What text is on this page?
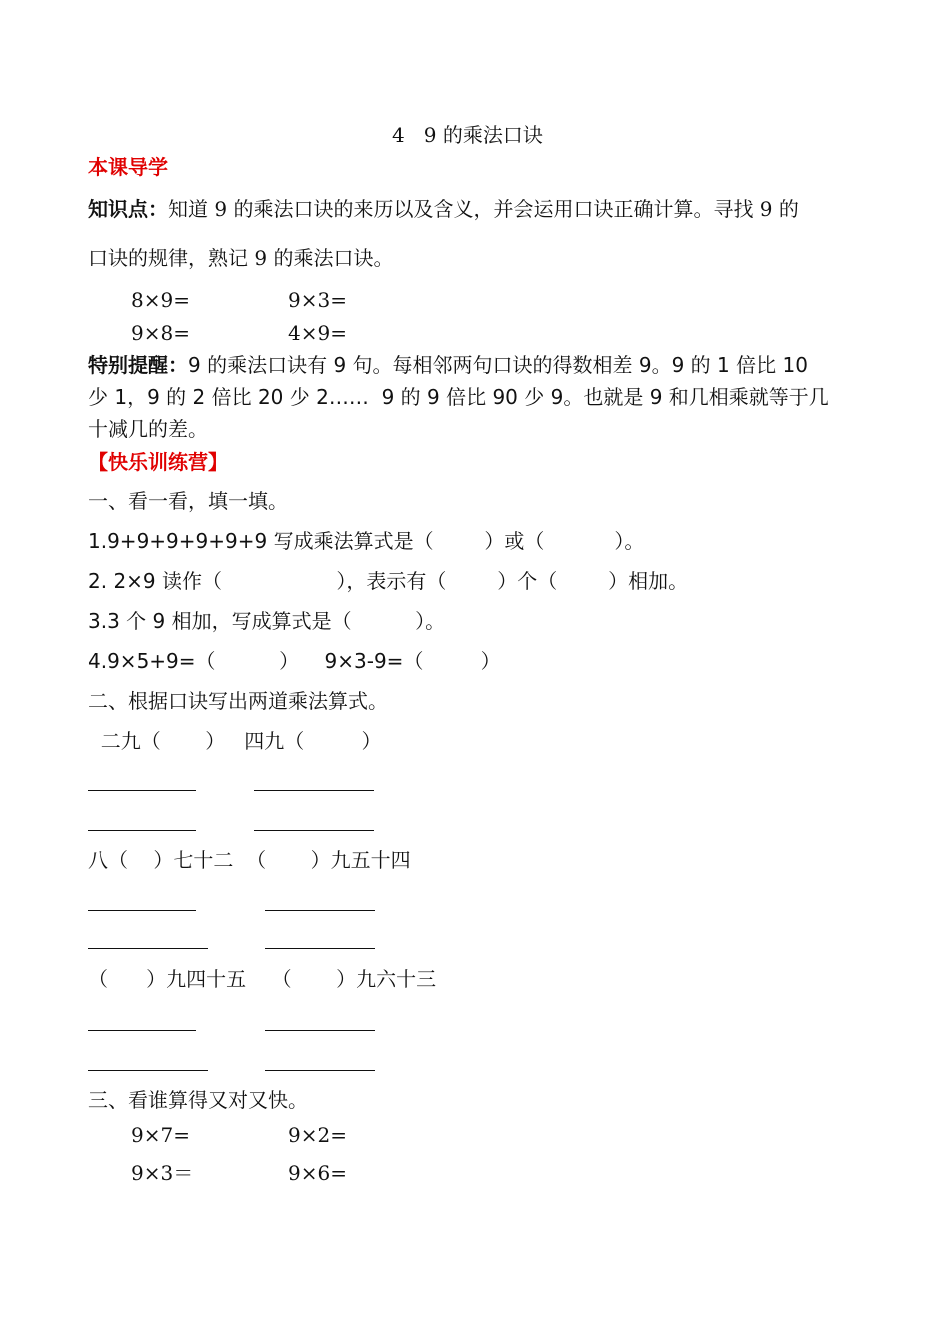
4   9 的乘法口诀
本课导学
知识点：知道 9 的乘法口诀的来历以及含义，并会运用口诀正确计算。寻找 9 的
口诀的规律，熟记 9 的乘法口诀。
8×9=	9×3=
9×8=	4×9=
特别提醒：9 的乘法口诀有 9 句。每相邻两句口诀的得数相差 9。9 的 1 倍比 10
少 1，9 的 2 倍比 20 少 2……  9 的 9 倍比 90 少 9。也就是 9 和几相乘就等于几
十减几的差。
【快乐训练营】
一、看一看，填一填。
1.9+9+9+9+9+9 写成乘法算式是（        ）或（           ）。
2. 2×9 读作（                  ），表示有（        ）个（        ）相加。
3.3 个 9 相加，写成算式是（          ）。
4.9×5+9=（          ）    9×3-9=（         ）
二、根据口诀写出两道乘法算式。
二九（       ）   四九（         ）
八（    ）七十二  （       ）九五十四
（      ）九四十五    （       ）九六十三
三、看谁算得又对又快。
9×7=	9×2=
9×3＝	9×6=
